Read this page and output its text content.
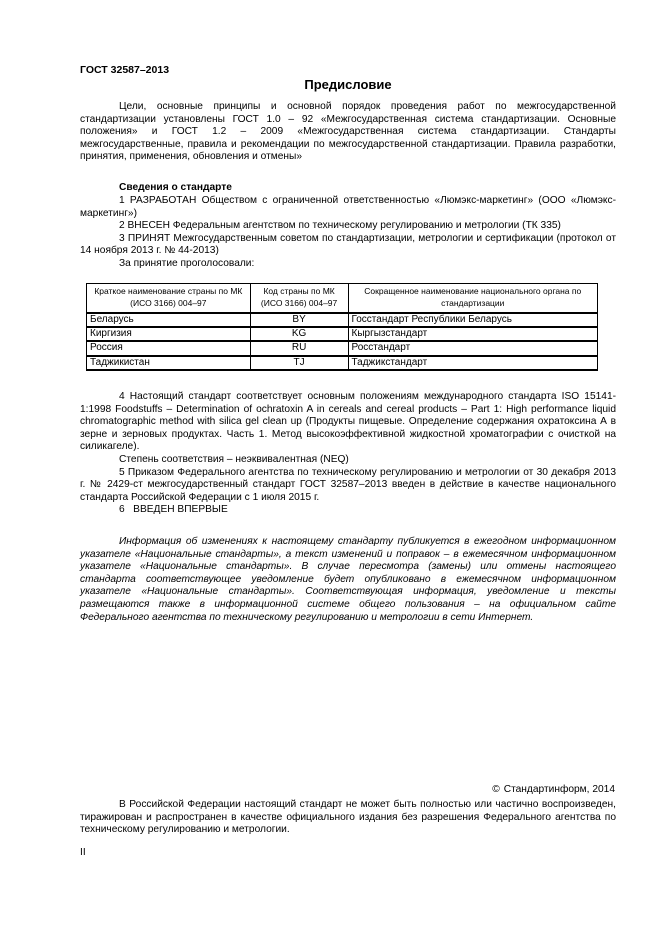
ГОСТ 32587–2013
Предисловие

Цели, основные принципы и основной порядок проведения работ по межгосударственной стандартизации установлены ГОСТ 1.0 – 92 «Межгосударственная система стандартизации. Основные положения» и ГОСТ 1.2 – 2009 «Межгосударственная система стандартизации. Стандарты межгосударственные, правила и рекомендации по межгосударственной стандартизации. Правила разработки, принятия, применения, обновления и отмены»

Сведения о стандарте

1 РАЗРАБОТАН Обществом с ограниченной ответственностью «Люмэкс-маркетинг» (ООО «Люмэкс-маркетинг»)

2 ВНЕСЕН Федеральным агентством по техническому регулированию и метрологии (ТК 335)

3 ПРИНЯТ Межгосударственным советом по стандартизации, метрологии и сертификации (протокол от 14 ноября 2013 г. № 44-2013)

За принятие проголосовали:

Краткое наименование страны по МК (ИСО 3166) 004–97	Код страны по МК (ИСО 3166) 004–97	Сокращенное наименование национального органа по стандартизации
Беларусь	BY	Госстандарт Республики Беларусь
Киргизия	KG	Кыргызстандарт
Россия	RU	Росстандарт
Таджикистан	TJ	Таджикстандарт

4 Настоящий стандарт соответствует основным положениям международного стандарта ISO 15141-1:1998 Foodstuffs – Determination of ochratoxin A in cereals and cereal products – Part 1: High performance liquid chromatographic method with silica gel clean up (Продукты пищевые. Определение содержания охратоксина А в зерне и зерновых продуктах. Часть 1. Метод высокоэффективной жидкостной хроматографии с очисткой на силикагеле).

Степень соответствия – неэквивалентная (NEQ)

5 Приказом Федерального агентства по техническому регулированию и метрологии от 30 декабря 2013 г. № 2429-ст межгосударственный стандарт ГОСТ 32587–2013 введен в действие в качестве национального стандарта Российской Федерации с 1 июля 2015 г.

6   ВВЕДЕН ВПЕРВЫЕ

Информация об изменениях к настоящему стандарту публикуется в ежегодном информационном указателе «Национальные стандарты», а текст изменений и поправок – в ежемесячном информационном указателе «Национальные стандарты». В случае пересмотра (замены) или отмены настоящего стандарта соответствующее уведомление будет опубликовано в ежемесячном информационном указателе «Национальные стандарты». Соответствующая информация, уведомление и тексты размещаются также в информационной системе общего пользования – на официальном сайте Федерального агентства по техническому регулированию и метрологии в сети Интернет.

© Стандартинформ, 2014

В Российской Федерации настоящий стандарт не может быть полностью или частично воспроизведен, тиражирован и распространен в качестве официального издания без разрешения Федерального агентства по техническому регулированию и метрологии.

II
